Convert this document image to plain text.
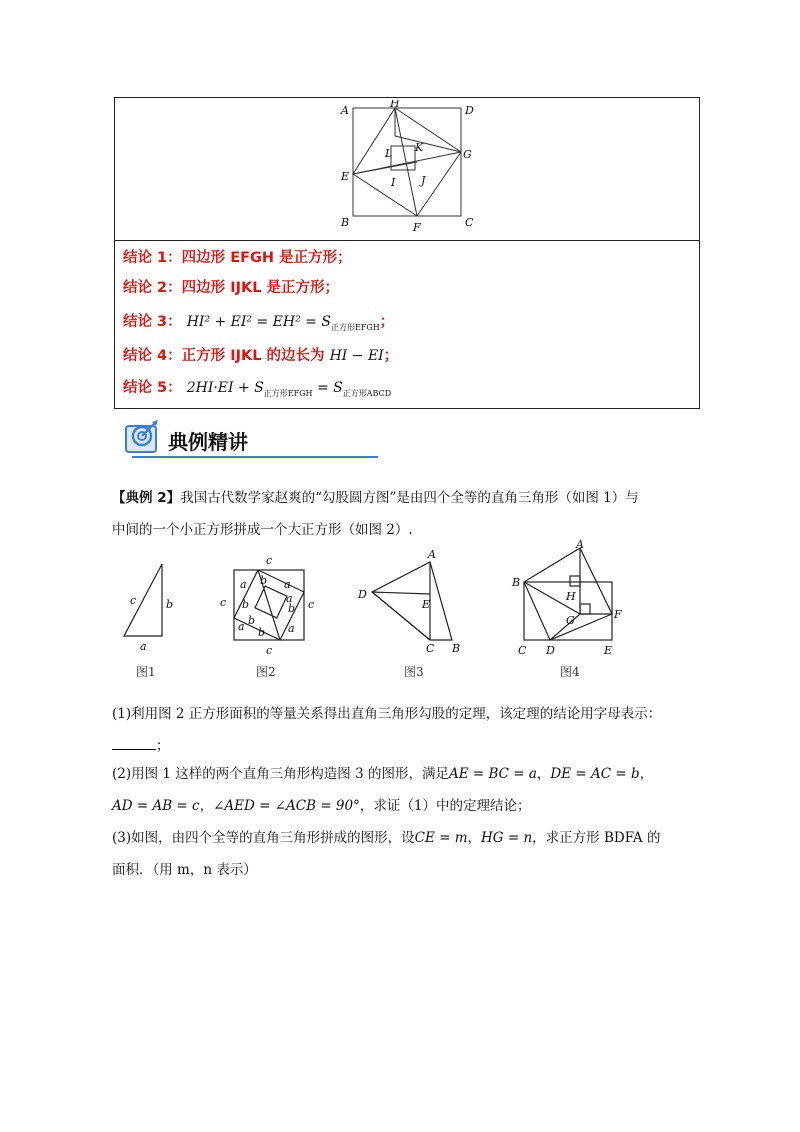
A
H
D
L K
G
E	I J
B	F	C
结论 1：四边形 EFGH 是正方形；
结论 2：四边形 IJKL 是正方形；
结论 3： $HI^2 + EI^2 = EH^2 = S_{正方形EFGH}$；
结论 4：正方形 IJKL 的边长为 HI − EI；
结论 5： $2HI\cdot EI + S_{正方形EFGH} = S_{正方形ABCD}$
典例精讲
【典例 2】我国古代数学家赵爽的“勾股圆方图”是由四个全等的直角三角形（如图 1）与
中间的一个小正方形拼成一个大正方形（如图 2）.
c	b
a
图1
c
b
a	a
b
c	c
b
a b
a
b
a
c
图2
A
D
E
C B
图3
A
B
H
G	F
C D	E
图4
(1)利用图 2 正方形面积的等量关系得出直角三角形勾股的定理，该定理的结论用字母表示：
；
(2)用图 1 这样的两个直角三角形构造图 3 的图形，满足AE = BC = a，DE = AC = b，
AD = AB = c，∠AED = ∠ACB = 90°，求证（1）中的定理结论；
(3)如图，由四个全等的直角三角形拼成的图形，设CE = m，HG = n，求正方形 BDFA 的
面积．（用 m，n 表示）
